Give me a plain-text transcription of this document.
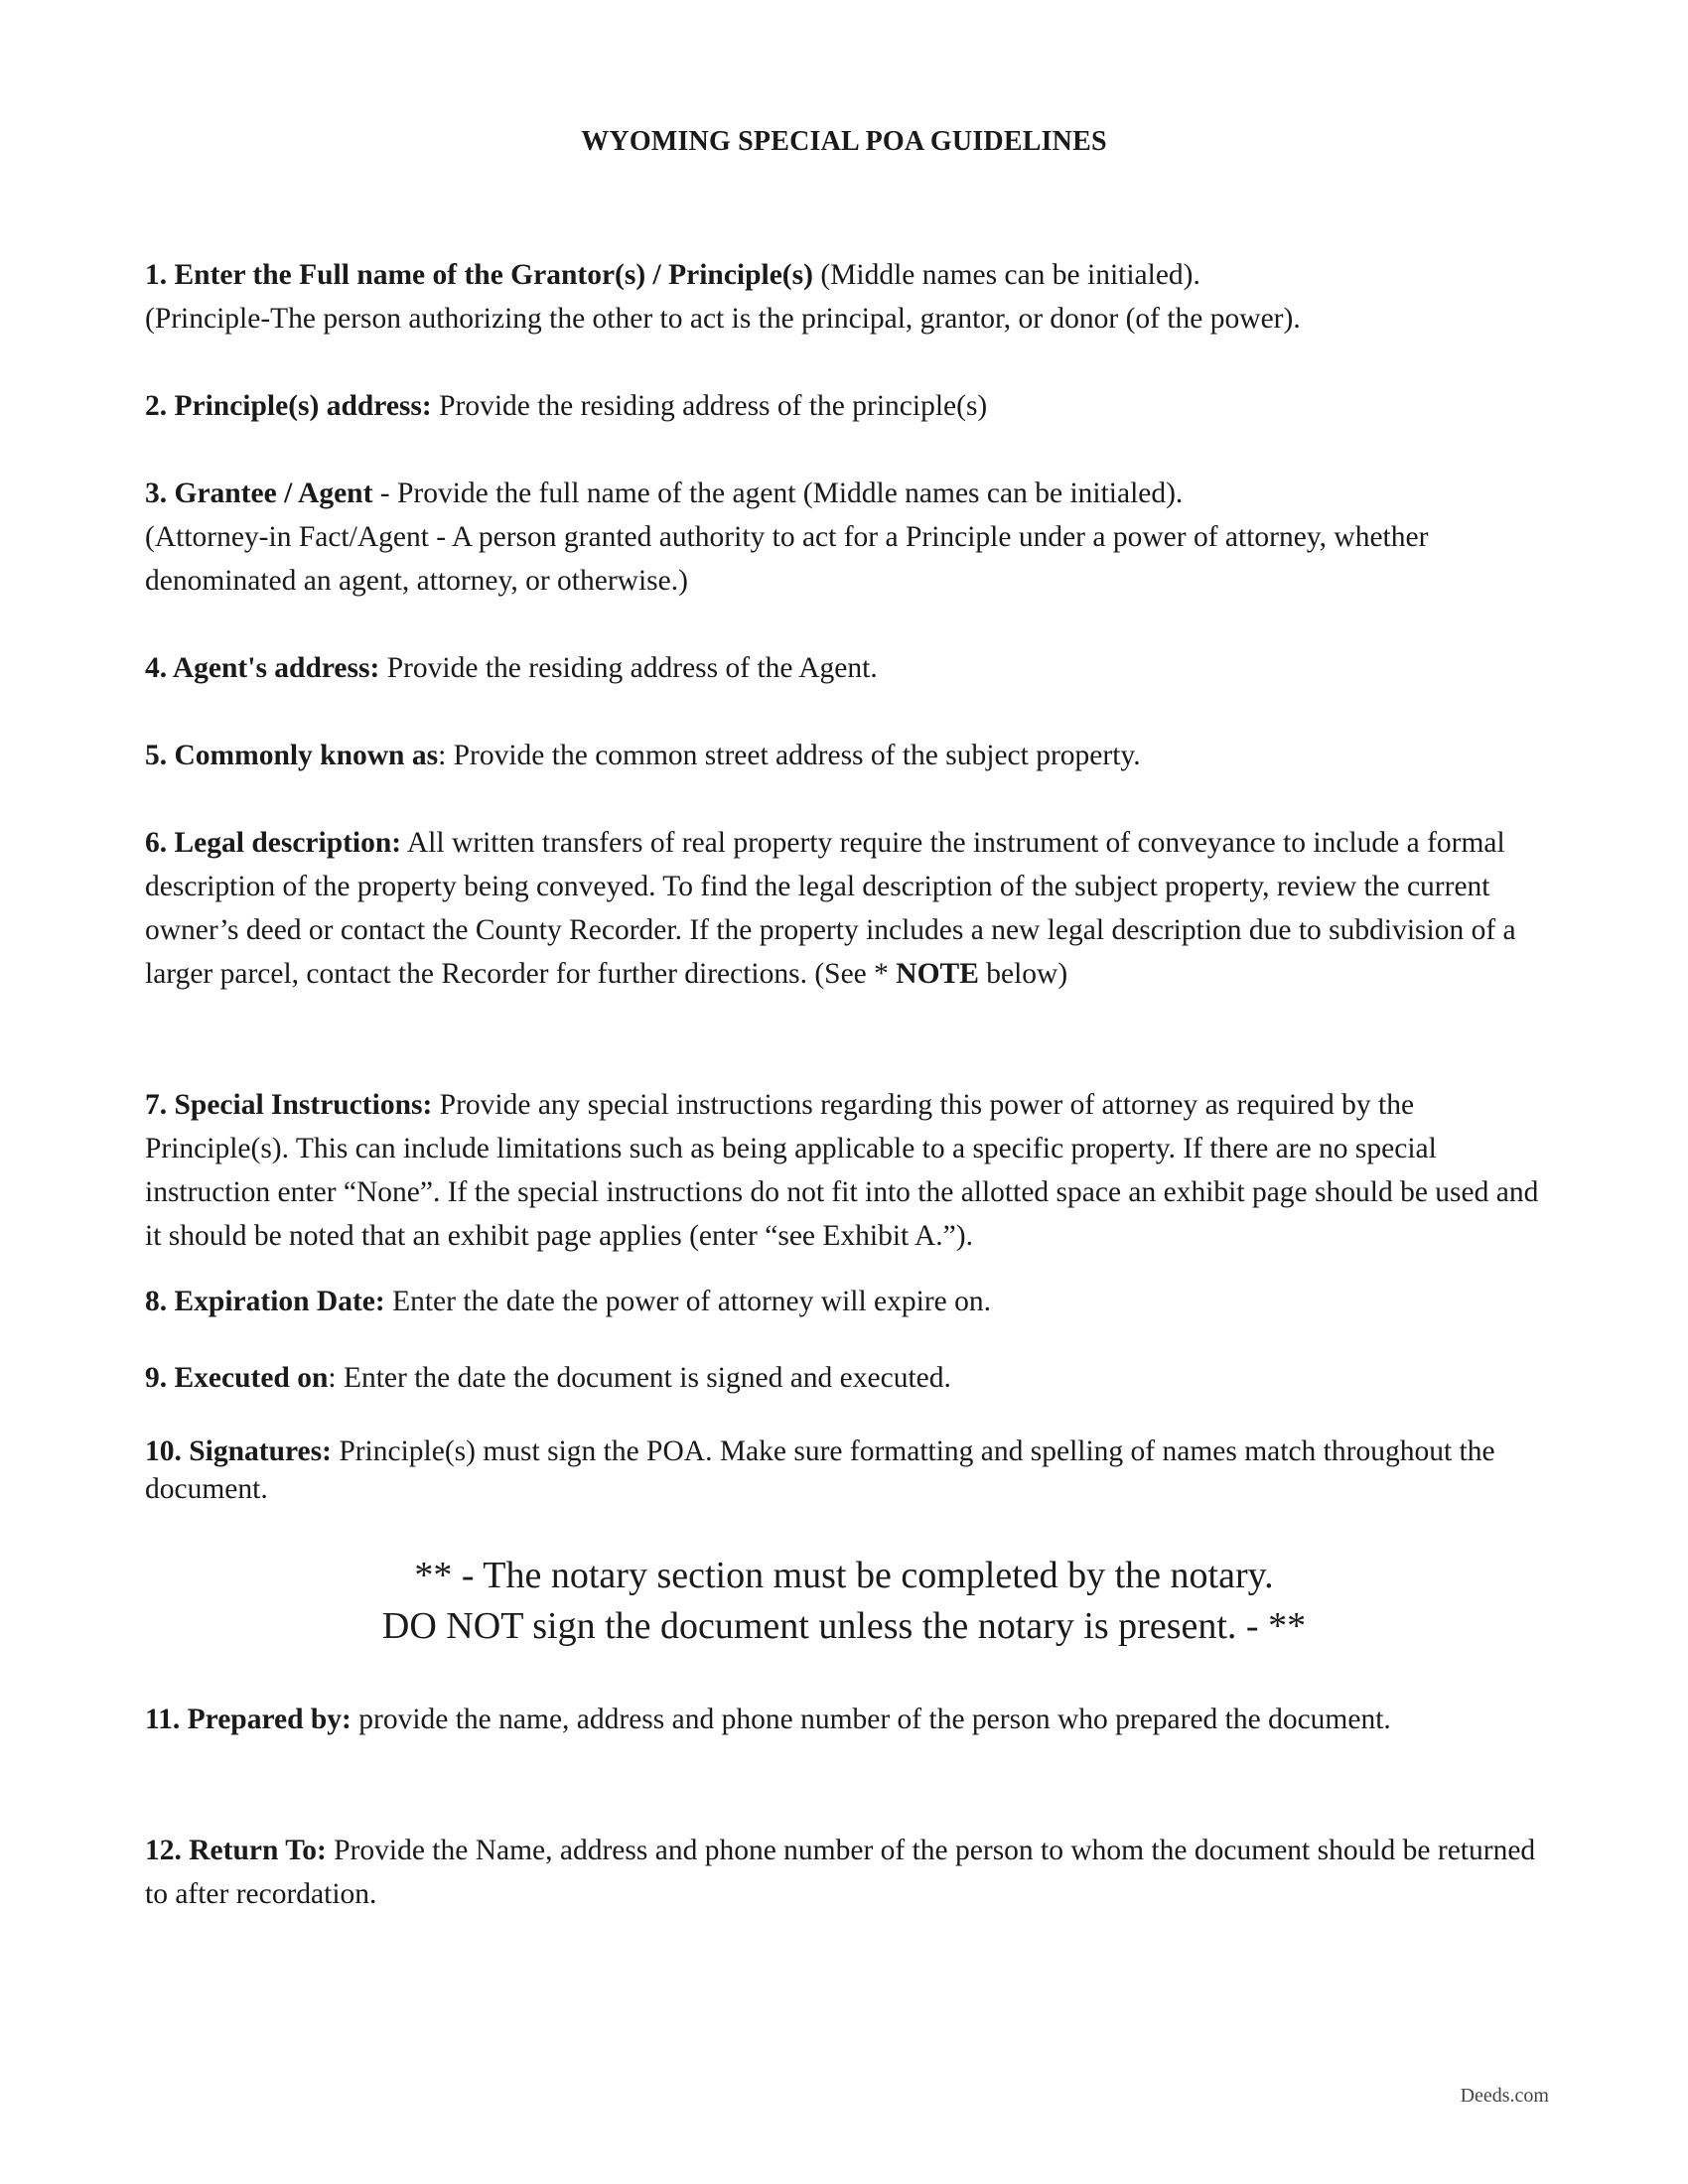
WYOMING SPECIAL POA GUIDELINES

1. Enter the Full name of the Grantor(s) / Principle(s) (Middle names can be initialed).
(Principle-The person authorizing the other to act is the principal, grantor, or donor (of the power).

2. Principle(s) address: Provide the residing address of the principle(s)

3. Grantee / Agent - Provide the full name of the agent (Middle names can be initialed).
(Attorney-in Fact/Agent - A person granted authority to act for a Principle under a power of attorney, whether denominated an agent, attorney, or otherwise.)

4. Agent's address: Provide the residing address of the Agent.

5. Commonly known as: Provide the common street address of the subject property.

6. Legal description: All written transfers of real property require the instrument of conveyance to include a formal description of the property being conveyed. To find the legal description of the subject property, review the current owner’s deed or contact the County Recorder. If the property includes a new legal description due to subdivision of a larger parcel, contact the Recorder for further directions. (See * NOTE below)

7. Special Instructions: Provide any special instructions regarding this power of attorney as required by the Principle(s). This can include limitations such as being applicable to a specific property. If there are no special instruction enter “None”. If the special instructions do not fit into the allotted space an exhibit page should be used and it should be noted that an exhibit page applies (enter “see Exhibit A.”).

8. Expiration Date: Enter the date the power of attorney will expire on.

9. Executed on: Enter the date the document is signed and executed.

10. Signatures: Principle(s) must sign the POA. Make sure formatting and spelling of names match throughout the document.

** - The notary section must be completed by the notary.
DO NOT sign the document unless the notary is present. - **

11. Prepared by: provide the name, address and phone number of the person who prepared the document.

12. Return To: Provide the Name, address and phone number of the person to whom the document should be returned to after recordation.

Deeds.com
